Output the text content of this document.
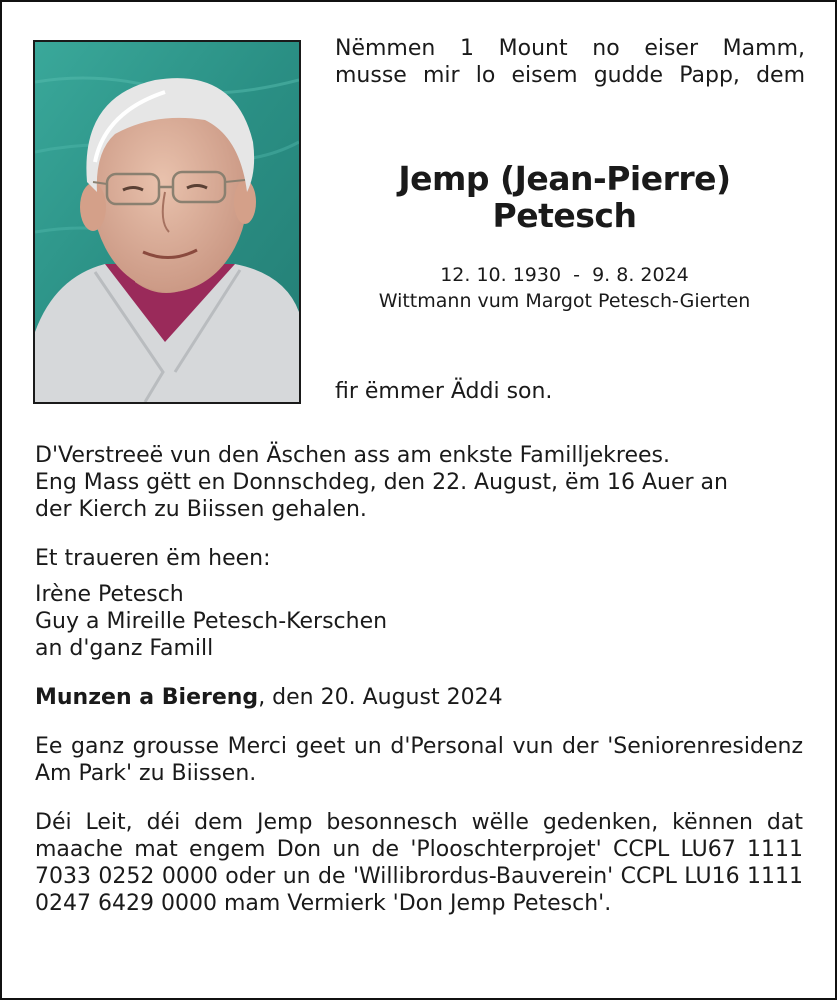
Nëmmen 1 Mount no eiser Mamm,
musse mir lo eisem gudde Papp, dem
Jemp (Jean-Pierre)
Petesch
12. 10. 1930  -  9. 8. 2024
Wittmann vum Margot Petesch-Gierten
fir ëmmer Äddi son.

D'Verstreeë vun den Äschen ass am enkste Familljekrees.

Eng Mass gëtt en Donnschdeg, den 22. August, ëm 16 Auer an

der Kierch zu Biissen gehalen.

Et traueren ëm heen:

Irène Petesch

Guy a Mireille Petesch-Kerschen

an d'ganz Famill

Munzen a Biereng, den 20. August 2024

Ee ganz grousse Merci geet un d'Personal vun der 'Seniorenresidenz Am Park' zu Biissen.

Déi Leit, déi dem Jemp besonnesch wëlle gedenken, kënnen dat maache mat engem Don un de 'Plooschterprojet' CCPL LU67 1111 7033 0252 0000 oder un de 'Willibrordus-Bauverein' CCPL LU16 1111 0247 6429 0000 mam Vermierk 'Don Jemp Petesch'.
